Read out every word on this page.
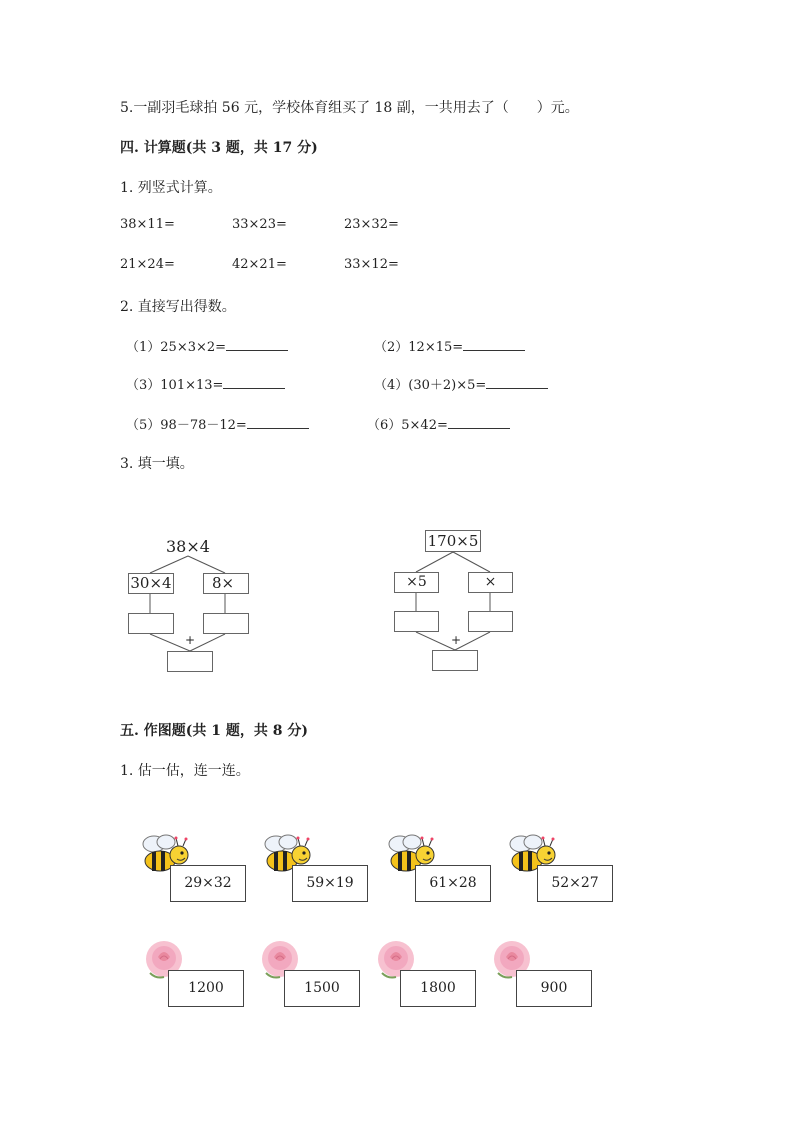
5.一副羽毛球拍 56 元，学校体育组买了 18 副，一共用去了（　　）元。
四. 计算题(共 3 题，共 17 分)
1. 列竖式计算。
38×11=	33×23=	23×32=
21×24=	42×21=	33×12=
2. 直接写出得数。
（1）25×3×2=	（2）12×15=
（3）101×13=	（4）(30＋2)×5=
（5）98－78－12=	（6）5×42=
3. 填一填。
38×4
30×4	8×
+
170×5
×5	×
+
五. 作图题(共 1 题，共 8 分)
1. 估一估，连一连。
29×32	59×19	61×28	52×27
1200	1500	1800	900
